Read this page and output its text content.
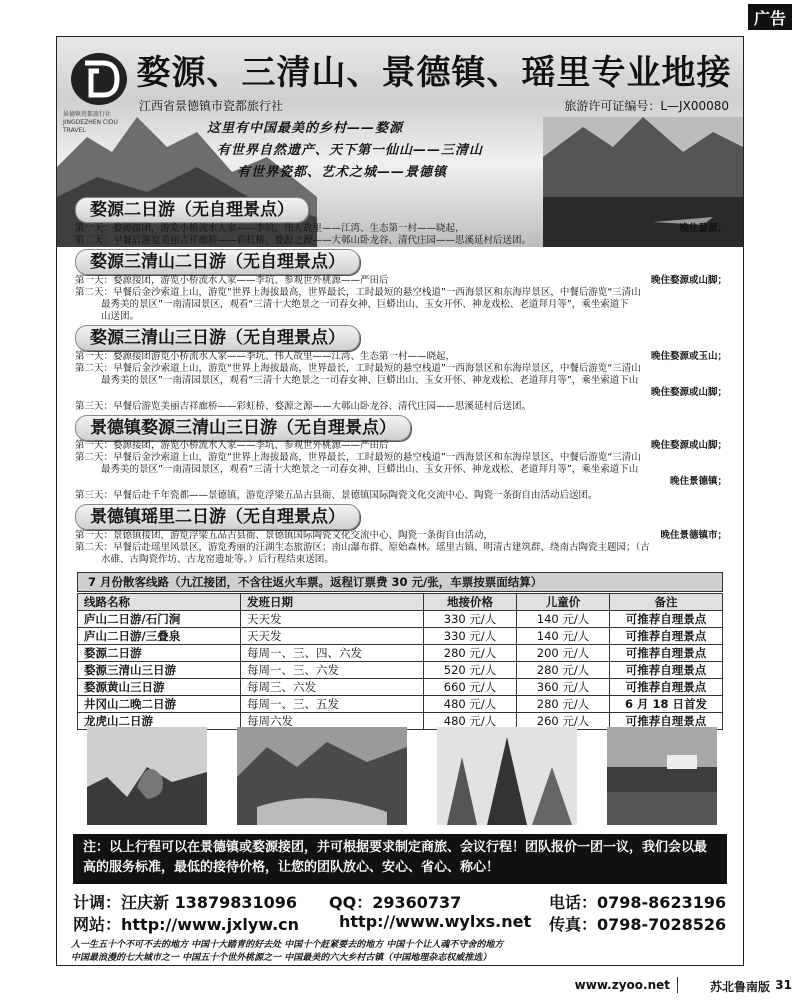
广告
景德镇瓷都旅行社 JINGDEZHEN CIDU TRAVEL
婺源、三清山、景德镇、瑶里专业地接
江西省景德镇市瓷都旅行社	旅游许可证编号：L—JX00080
这里有中国最美的乡村——婺源
有世界自然遗产、天下第一仙山——三清山
有世界瓷都、艺术之城——景德镇
婺源二日游（无自理景点）
第一天：婺源接团，游览小桥流水人家——李坑、伟人故里——江湾、生态第一村——晓起，	晚住婺源；
第二天：早餐后游览美丽吉祥廊桥——彩虹桥、婺源之源——大鄣山卧龙谷、清代庄园——思溪延村后送团。
婺源三清山二日游（无自理景点）
第一天：婺源接团，游览小桥流水人家——李坑、参观世外桃源——严田后	晚住婺源或山脚；
第二天：早餐后金沙索道上山，游览“世界上海拔最高，世界最长，工时最短的悬空栈道”一西海景区和东海岸景区，中餐后游览“三清山
最秀美的景区”一南清园景区，观看“三清十大绝景之一司春女神、巨蟒出山、玉女开怀、神龙戏松、老道拜月等”，乘坐索道下
山送团。
婺源三清山三日游（无自理景点）
第一天：婺源接团游览小桥流水人家——李坑、伟人故里——江湾、生态第一村——晓起，	晚住婺源或玉山；
第二天：早餐后金沙索道上山，游览“世界上海拔最高，世界最长，工时最短的悬空栈道”一西海景区和东海岸景区，中餐后游览“三清山
最秀美的景区”一南清园景区，观看“三清十大绝景之一司春女神、巨蟒出山、玉女开怀、神龙戏松、老道拜月等”，乘坐索道下山
晚住婺源或山脚；
第三天：早餐后游览美丽吉祥廊桥——彩虹桥、婺源之源——大鄣山卧龙谷、清代庄园——思溪延村后送团。
景德镇婺源三清山三日游（无自理景点）
第一天：婺源接团，游览小桥流水人家——李坑、参观世外桃源——严田后	晚住婺源或山脚；
第二天：早餐后金沙索道上山，游览“世界上海拔最高，世界最长，工时最短的悬空栈道”一西海景区和东海岸景区，中餐后游览“三清山
最秀美的景区”一南清园景区，观看“三清十大绝景之一司春女神、巨蟒出山、玉女开怀、神龙戏松、老道拜月等”，乘坐索道下山
晚住景德镇；
第三天：早餐后赴千年瓷都——景德镇，游览浮梁五品古县衙、景德镇国际陶瓷文化交流中心、陶瓷一条街自由活动后送团。
景德镇瑶里二日游（无自理景点）
第一天：景德镇接团，游览浮梁五品古县衙、景德镇国际陶瓷文化交流中心、陶瓷一条街自由活动，	晚住景德镇市；
第二天：早餐后赴瑶里风景区，游览秀丽的汪湖生态旅游区；南山瀑布群、原始森林。瑶里古镇、明清古建筑群、绕南古陶瓷主题园；（古
水碓、古陶瓷作坊、古龙窑遗址等。）后行程结束送团。
7 月份散客线路（九江接团，不含往返火车票。返程订票费 30 元/张，车票按票面结算）
线路名称	发班日期	地接价格	儿童价	备注
庐山二日游/石门涧	天天发	330 元/人	140 元/人	可推荐自理景点
庐山二日游/三叠泉	天天发	330 元/人	140 元/人	可推荐自理景点
婺源二日游	每周一、三、四、六发	280 元/人	200 元/人	可推荐自理景点
婺源三清山三日游	每周一、三、六发	520 元/人	280 元/人	可推荐自理景点
婺源黄山三日游	每周三、六发	660 元/人	360 元/人	可推荐自理景点
井冈山二晚二日游	每周一、三、五发	480 元/人	280 元/人	6 月 18 日首发
龙虎山二日游	每周六发	480 元/人	260 元/人	可推荐自理景点
注：以上行程可以在景德镇或婺源接团，并可根据要求制定商旅、会议行程！团队报价一团一议，我们会以最高的服务标准，最低的接待价格，让您的团队放心、安心、省心、称心！
计调：汪庆新 13879831096 QQ：29360737	电话：0798-8623196
网站：http://www.jxlyw.cn http://www.wylxs.net 传真：0798-7028526
人一生五十个不可不去的地方 中国十大踏青的好去处 中国十个赶紧要去的地方 中国十个让人魂不守舍的地方
中国最浪漫的七大城市之一 中国五十个世外桃源之一 中国最美的六大乡村古镇（中国地理杂志权威推选）
www.zyoo.net	苏北鲁南版 31
